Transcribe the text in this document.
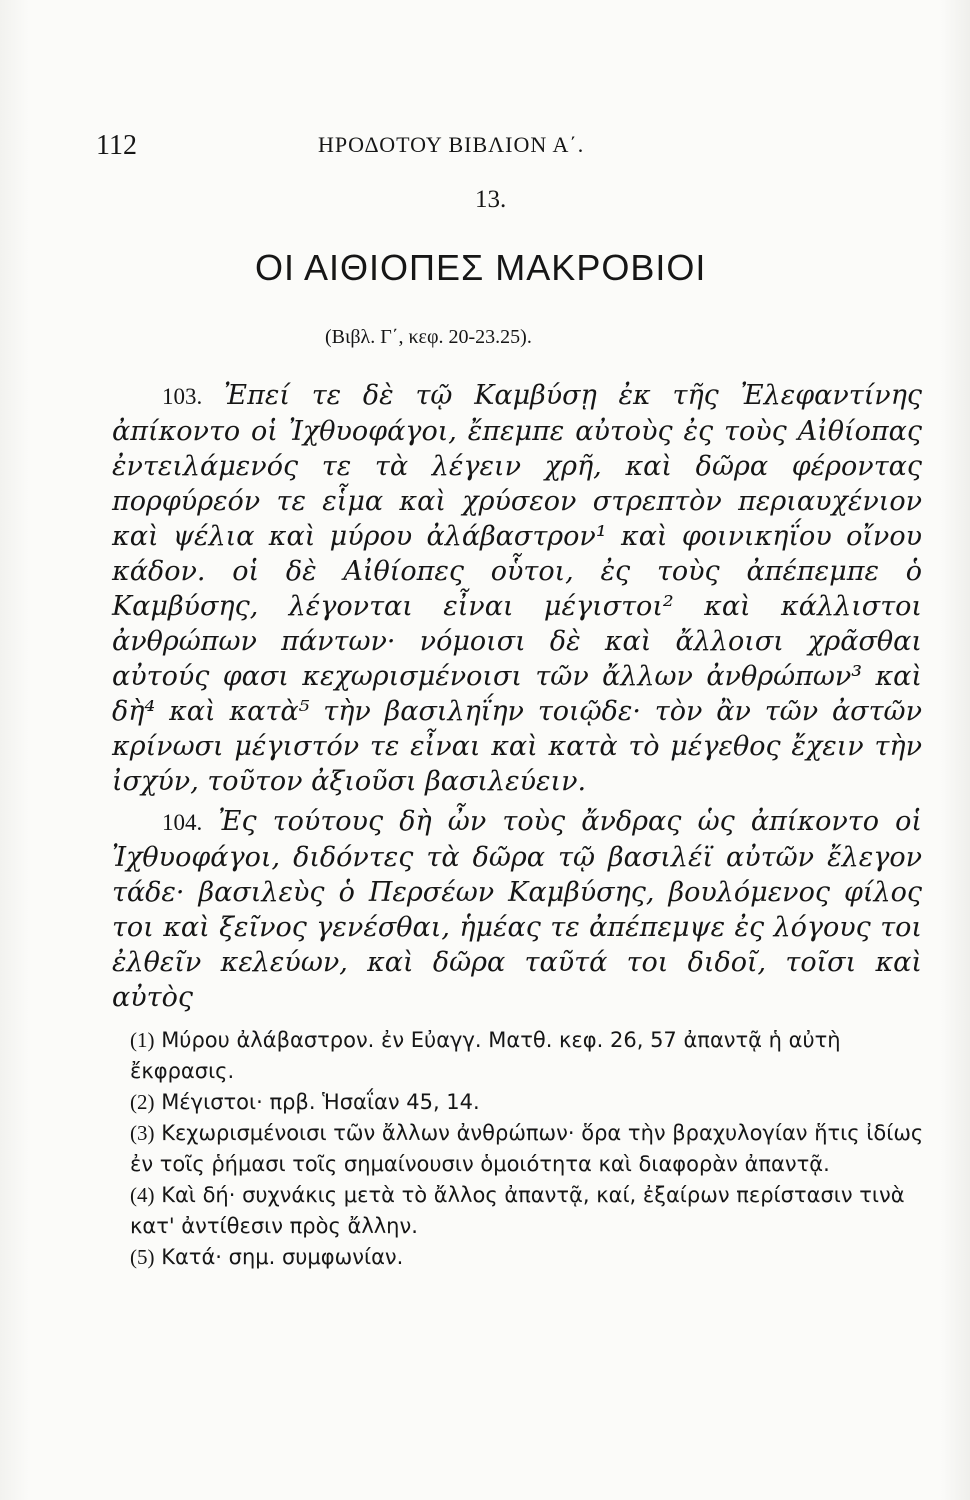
112	ΗΡΟΔΟΤΟΥ ΒΙΒΛΙΟΝ Α΄.
13.
ΟΙ ΑΙΘΙΟΠΕΣ ΜΑΚΡΟΒΙΟΙ
(Βιβλ. Γ΄, κεφ. 20-23.25).

103. Ἐπεί τε δὲ τῷ Καμβύσῃ ἐκ τῆς Ἐλεφαντίνης ἀπίκοντο οἱ Ἰχθυοφάγοι, ἔπεμπε αὐτοὺς ἐς τοὺς Αἰθίοπας ἐντειλάμενός τε τὰ λέγειν χρῆ, καὶ δῶρα φέροντας πορφύρεόν τε εἷμα καὶ χρύσεον στρεπτὸν περιαυχένιον καὶ ψέλια καὶ μύρου ἀλάβαστρον¹ καὶ φοινικηΐου οἴνου κάδον. οἱ δὲ Αἰθίοπες οὗτοι, ἐς τοὺς ἀπέπεμπε ὁ Καμβύσης, λέγονται εἶναι μέγιστοι² καὶ κάλλιστοι ἀνθρώπων πάντων· νόμοισι δὲ καὶ ἄλλοισι χρᾶσθαι αὐτούς φασι κεχωρισμένοισι τῶν ἄλλων ἀνθρώπων³ καὶ δὴ⁴ καὶ κατὰ⁵ τὴν βασιληΐην τοιῷδε· τὸν ἂν τῶν ἀστῶν κρίνωσι μέγιστόν τε εἶναι καὶ κατὰ τὸ μέγεθος ἔχειν τὴν ἰσχύν, τοῦτον ἀξιοῦσι βασιλεύειν.

104. Ἐς τούτους δὴ ὦν τοὺς ἄνδρας ὡς ἀπίκοντο οἱ Ἰχθυοφάγοι, διδόντες τὰ δῶρα τῷ βασιλέϊ αὐτῶν ἔλεγον τάδε· βασιλεὺς ὁ Περσέων Καμβύσης, βουλόμενος φίλος τοι καὶ ξεῖνος γενέσθαι, ἡμέας τε ἀπέπεμψε ἐς λόγους τοι ἐλθεῖν κελεύων, καὶ δῶρα ταῦτά τοι διδοῖ, τοῖσι καὶ αὐτὸς

(1) Μύρου ἀλάβαστρον. ἐν Εὐαγγ. Ματθ. κεφ. 26, 57 ἀπαντᾷ ἡ αὐτὴ ἔκφρασις.

(2) Μέγιστοι· πρβ. Ἡσαΐαν 45, 14.

(3) Κεχωρισμένοισι τῶν ἄλλων ἀνθρώπων· ὅρα τὴν βραχυλογίαν ἥτις ἰδίως ἐν τοῖς ῥήμασι τοῖς σημαίνουσιν ὁμοιότητα καὶ διαφορὰν ἀπαντᾷ.

(4) Καὶ δή· συχνάκις μετὰ τὸ ἄλλος ἀπαντᾷ, καί, ἐξαίρων περίστασιν τινὰ κατ' ἀντίθεσιν πρὸς ἄλλην.

(5) Κατά· σημ. συμφωνίαν.
